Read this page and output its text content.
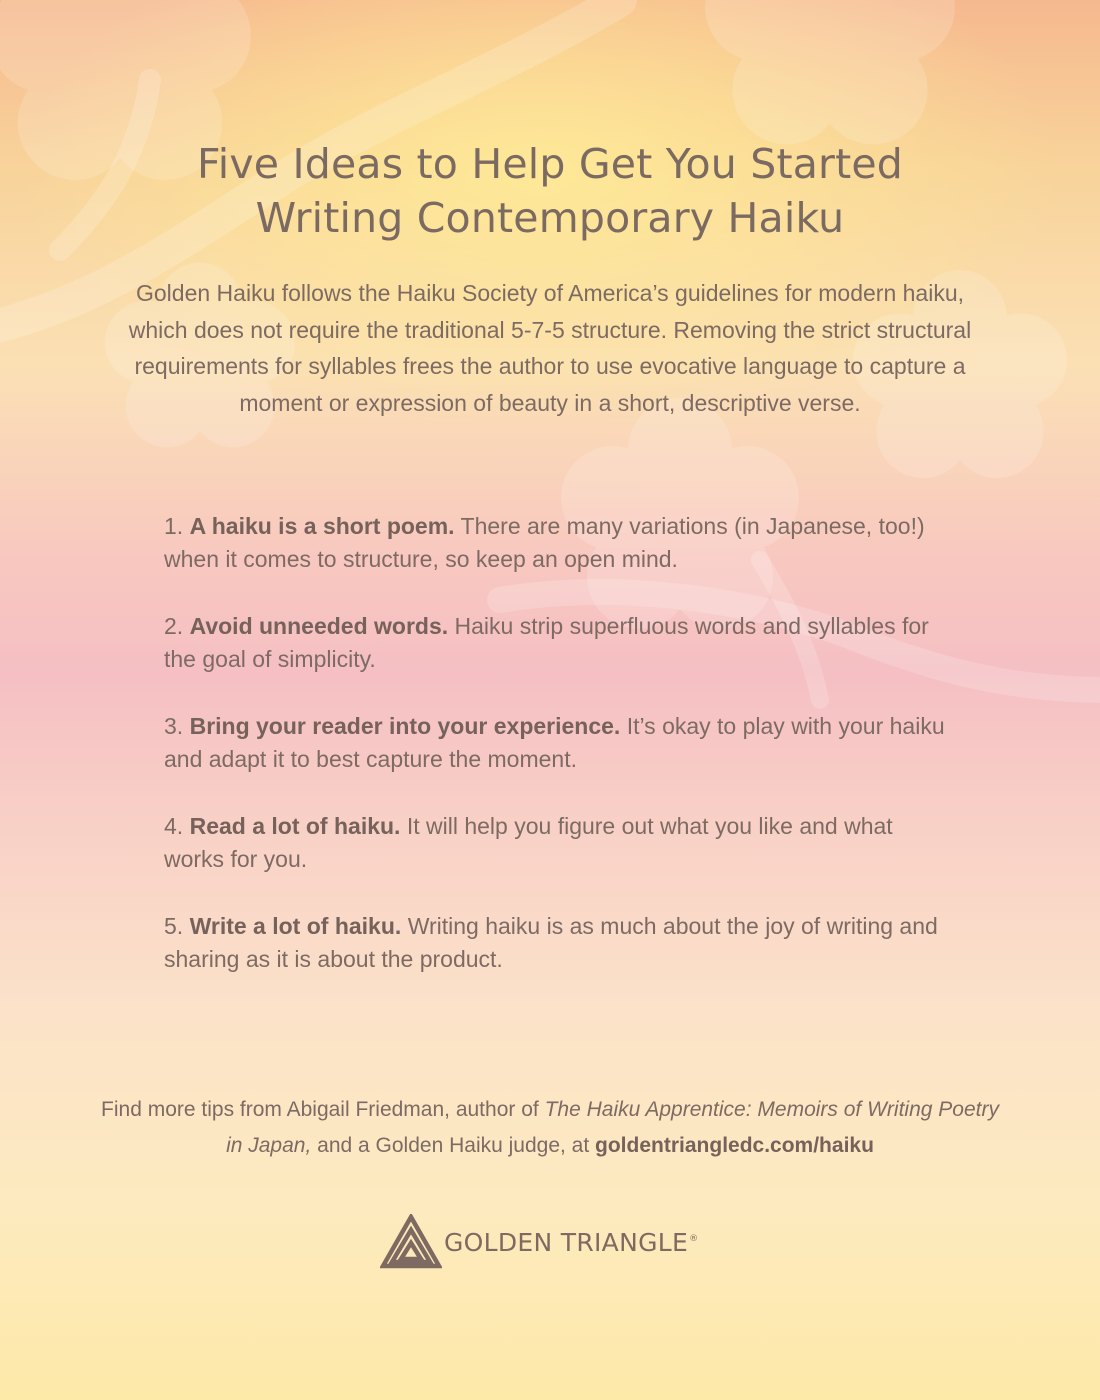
Five Ideas to Help Get You Started
Writing Contemporary Haiku

Golden Haiku follows the Haiku Society of America’s guidelines for modern haiku, which does not require the traditional 5-7-5 structure. Removing the strict structural requirements for syllables frees the author to use evocative language to capture a moment or expression of beauty in a short, descriptive verse.

1. A haiku is a short poem. There are many variations (in Japanese, too!) when it comes to structure, so keep an open mind.
2. Avoid unneeded words. Haiku strip superfluous words and syllables for the goal of simplicity.
3. Bring your reader into your experience. It’s okay to play with your haiku and adapt it to best capture the moment.
4. Read a lot of haiku. It will help you figure out what you like and what works for you.
5. Write a lot of haiku. Writing haiku is as much about the joy of writing and sharing as it is about the product.

Find more tips from Abigail Friedman, author of The Haiku Apprentice: Memoirs of Writing Poetry in Japan, and a Golden Haiku judge, at goldentriangledc.com/haiku

GOLDEN TRIANGLE®
